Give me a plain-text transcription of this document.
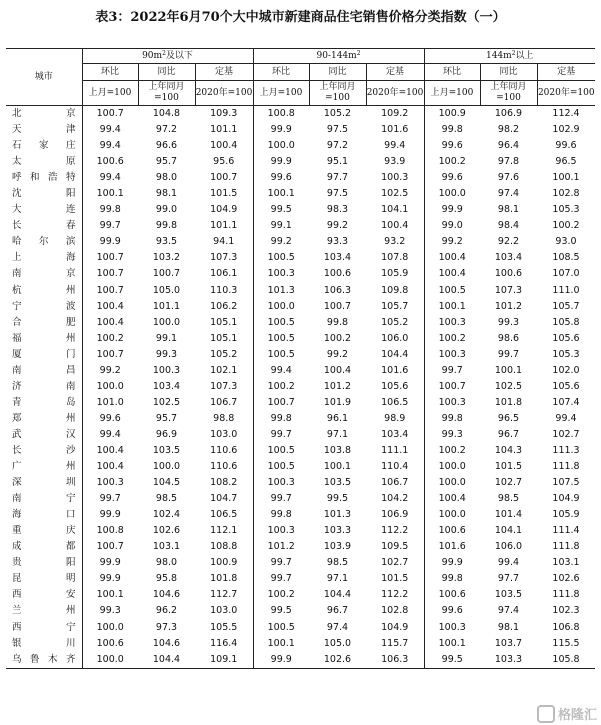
表3：2022年6月70个大中城市新建商品住宅销售价格分类指数（一）
城市	$90m^2$及以下			$90-144m^2$			$144m^2$以上		
	环比	同比	定基	环比	同比	定基	环比	同比	定基
	上月=100	上年同月=100	2020年=100	上月=100	上年同月=100	2020年=100	上月=100	上年同月=100	2020年=100
北京	100.7	104.8	109.3	100.8	105.2	109.2	100.9	106.9	112.4
天津	99.4	97.2	101.1	99.9	97.5	101.6	99.8	98.2	102.9
石家庄	99.4	96.6	100.4	100.0	97.2	99.4	99.6	96.4	99.6
太原	100.6	95.7	95.6	99.9	95.1	93.9	100.2	97.8	96.5
呼和浩特	99.4	98.0	100.7	99.6	97.7	100.3	99.6	97.6	100.1
沈阳	100.1	98.1	101.5	100.1	97.5	102.5	100.0	97.4	102.8
大连	99.8	99.0	104.9	99.5	98.3	104.1	99.9	98.1	105.3
长春	99.7	99.8	101.1	99.1	99.2	100.4	99.0	98.4	100.2
哈尔滨	99.9	93.5	94.1	99.2	93.3	93.2	99.2	92.2	93.0
上海	100.7	103.2	107.3	100.5	103.4	107.8	100.4	103.4	108.5
南京	100.7	100.7	106.1	100.3	100.6	105.9	100.4	100.6	107.0
杭州	100.7	105.0	110.3	101.3	106.3	109.8	100.5	107.3	111.0
宁波	100.4	101.1	106.2	100.0	100.7	105.7	100.1	101.2	105.7
合肥	100.4	100.0	105.1	100.5	99.8	105.2	100.3	99.3	105.8
福州	100.2	99.1	105.1	100.5	100.2	106.0	100.2	98.6	105.6
厦门	100.7	99.3	105.2	100.5	99.2	104.4	100.3	99.7	105.3
南昌	99.2	100.3	102.1	99.4	100.4	101.6	99.7	100.1	102.0
济南	100.0	103.4	107.3	100.2	101.2	105.6	100.7	102.5	105.6
青岛	101.0	102.5	106.7	100.7	101.9	106.5	100.3	101.8	107.4
郑州	99.6	95.7	98.8	99.8	96.1	98.9	99.8	96.5	99.4
武汉	99.4	96.9	103.0	99.7	97.1	103.4	99.3	96.7	102.7
长沙	100.4	103.5	110.6	100.5	103.8	111.1	100.2	104.3	111.3
广州	100.4	100.0	110.6	100.5	100.1	110.4	100.0	101.5	111.8
深圳	100.3	104.5	108.2	100.3	103.5	106.7	100.0	102.7	107.5
南宁	99.7	98.5	104.7	99.7	99.5	104.2	100.4	98.5	104.9
海口	99.9	102.4	106.5	99.8	101.3	106.9	100.0	101.4	105.9
重庆	100.8	102.6	112.1	100.3	103.3	112.2	100.6	104.1	111.4
成都	100.7	103.1	108.8	101.2	103.9	109.5	101.6	106.0	111.8
贵阳	99.9	98.0	100.9	99.7	98.5	102.7	99.9	99.4	103.1
昆明	99.9	95.8	101.8	99.7	97.1	101.5	99.8	97.7	102.6
西安	100.1	104.6	112.7	100.2	104.4	112.2	100.6	103.5	111.8
兰州	99.3	96.2	103.0	99.5	96.7	102.8	99.6	97.4	102.3
西宁	100.0	97.3	105.5	100.5	97.4	104.9	100.3	98.1	106.8
银川	100.6	104.6	116.4	100.1	105.0	115.7	100.1	103.7	115.5
乌鲁木齐	100.0	104.4	109.1	99.9	102.6	106.3	99.5	103.3	105.8
格隆汇
